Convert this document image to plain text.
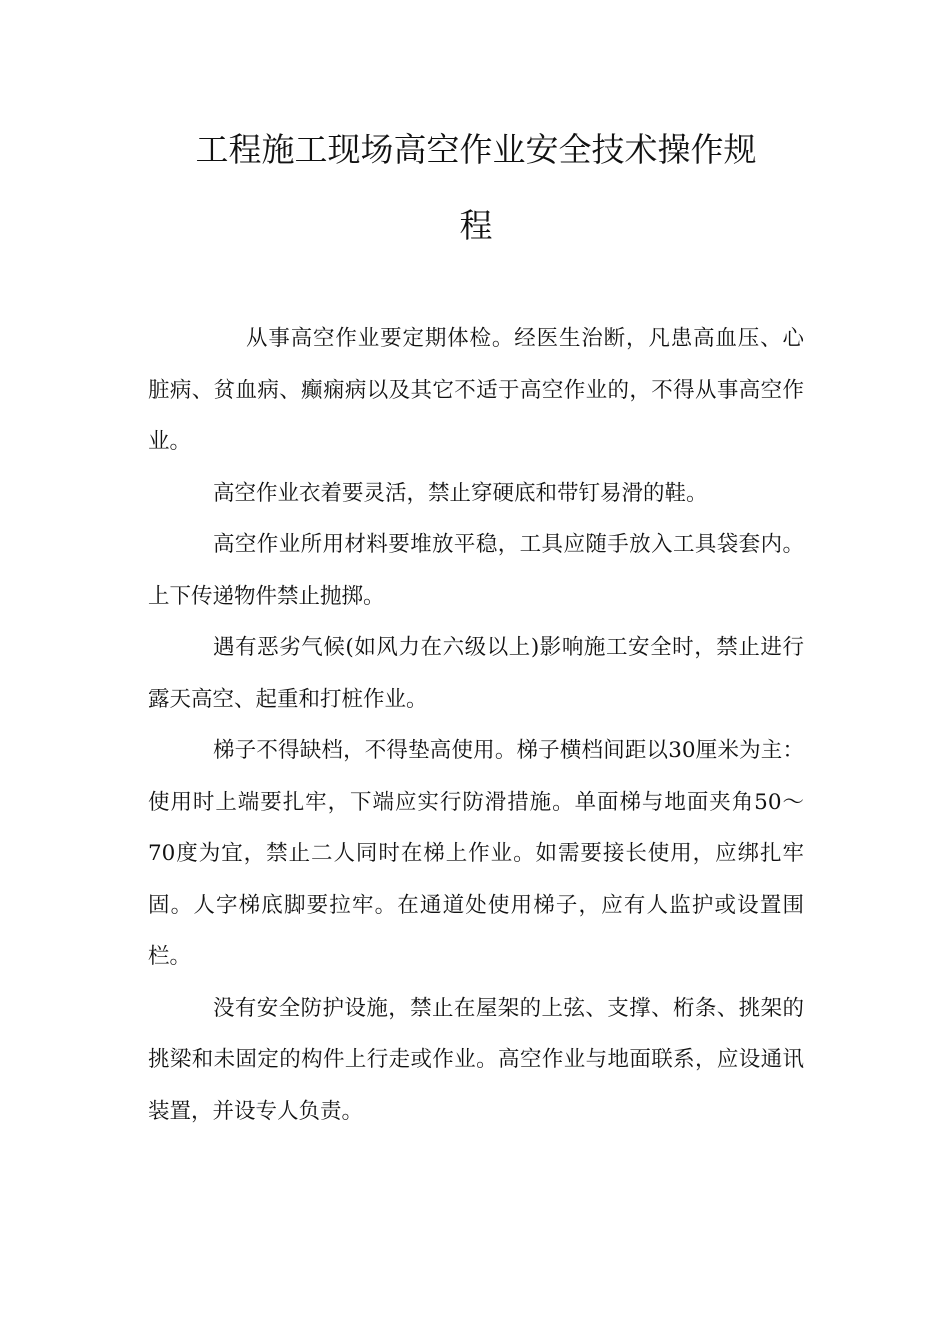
工程施工现场高空作业安全技术操作规
程

从事高空作业要定期体检。经医生治断，凡患高血压、心脏病、贫血病、癫痫病以及其它不适于高空作业的，不得从事高空作业。

高空作业衣着要灵活，禁止穿硬底和带钉易滑的鞋。

高空作业所用材料要堆放平稳，工具应随手放入工具袋套内。上下传递物件禁止抛掷。

遇有恶劣气候(如风力在六级以上)影响施工安全时，禁止进行露天高空、起重和打桩作业。

梯子不得缺档，不得垫高使用。梯子横档间距以30厘米为主：使用时上端要扎牢，下端应实行防滑措施。单面梯与地面夹角50～70度为宜，禁止二人同时在梯上作业。如需要接长使用，应绑扎牢固。人字梯底脚要拉牢。在通道处使用梯子，应有人监护或设置围栏。

没有安全防护设施，禁止在屋架的上弦、支撑、桁条、挑架的挑梁和未固定的构件上行走或作业。高空作业与地面联系，应设通讯装置，并设专人负责。
